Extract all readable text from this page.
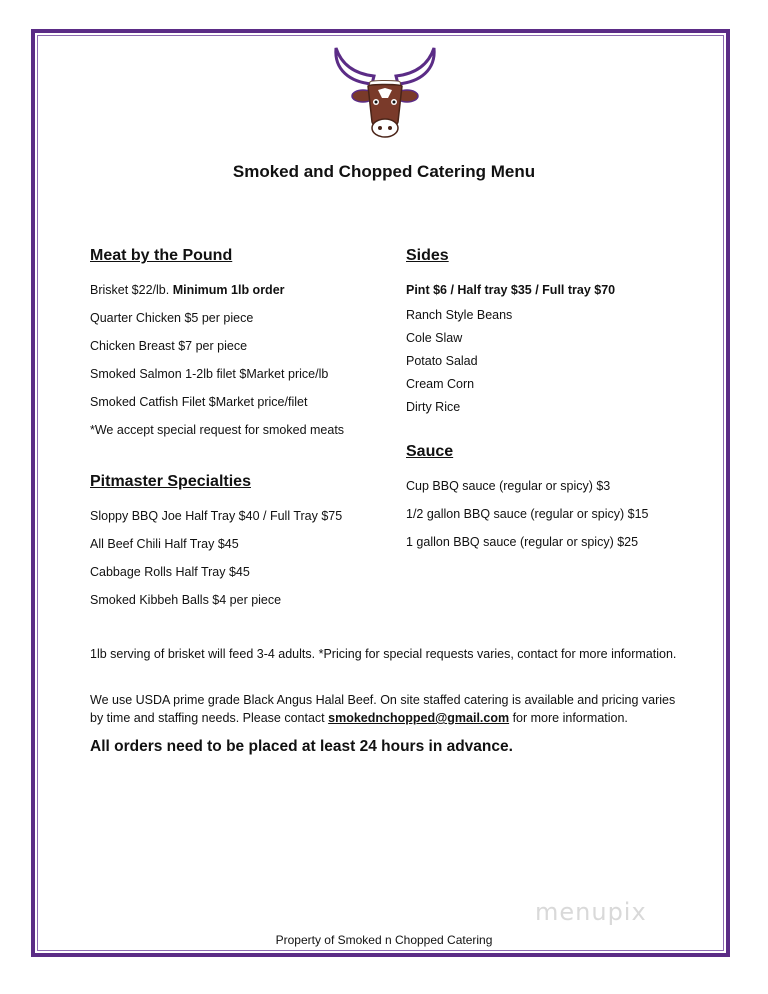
Smoked and Chopped Catering Menu
Meat by the Pound
Brisket $22/lb. Minimum 1lb order
Quarter Chicken $5 per piece
Chicken Breast $7 per piece
Smoked Salmon 1-2lb filet $Market price/lb
Smoked Catfish Filet $Market price/filet
*We accept special request for smoked meats
Pitmaster Specialties
Sloppy BBQ Joe Half Tray $40 / Full Tray $75
All Beef Chili Half Tray $45
Cabbage Rolls Half Tray $45
Smoked Kibbeh Balls $4 per piece
Sides
Pint $6 / Half tray $35 / Full tray $70
Ranch Style Beans
Cole Slaw
Potato Salad
Cream Corn
Dirty Rice
Sauce
Cup BBQ sauce (regular or spicy) $3
1/2 gallon BBQ sauce (regular or spicy) $15
1 gallon BBQ sauce (regular or spicy) $25
1lb serving of brisket will feed 3-4 adults. *Pricing for special requests varies, contact for more information.
We use USDA prime grade Black Angus Halal Beef. On site staffed catering is available and pricing varies by time and staffing needs. Please contact smokednchopped@gmail.com for more information.
All orders need to be placed at least 24 hours in advance.
menupix
Property of Smoked n Chopped Catering
